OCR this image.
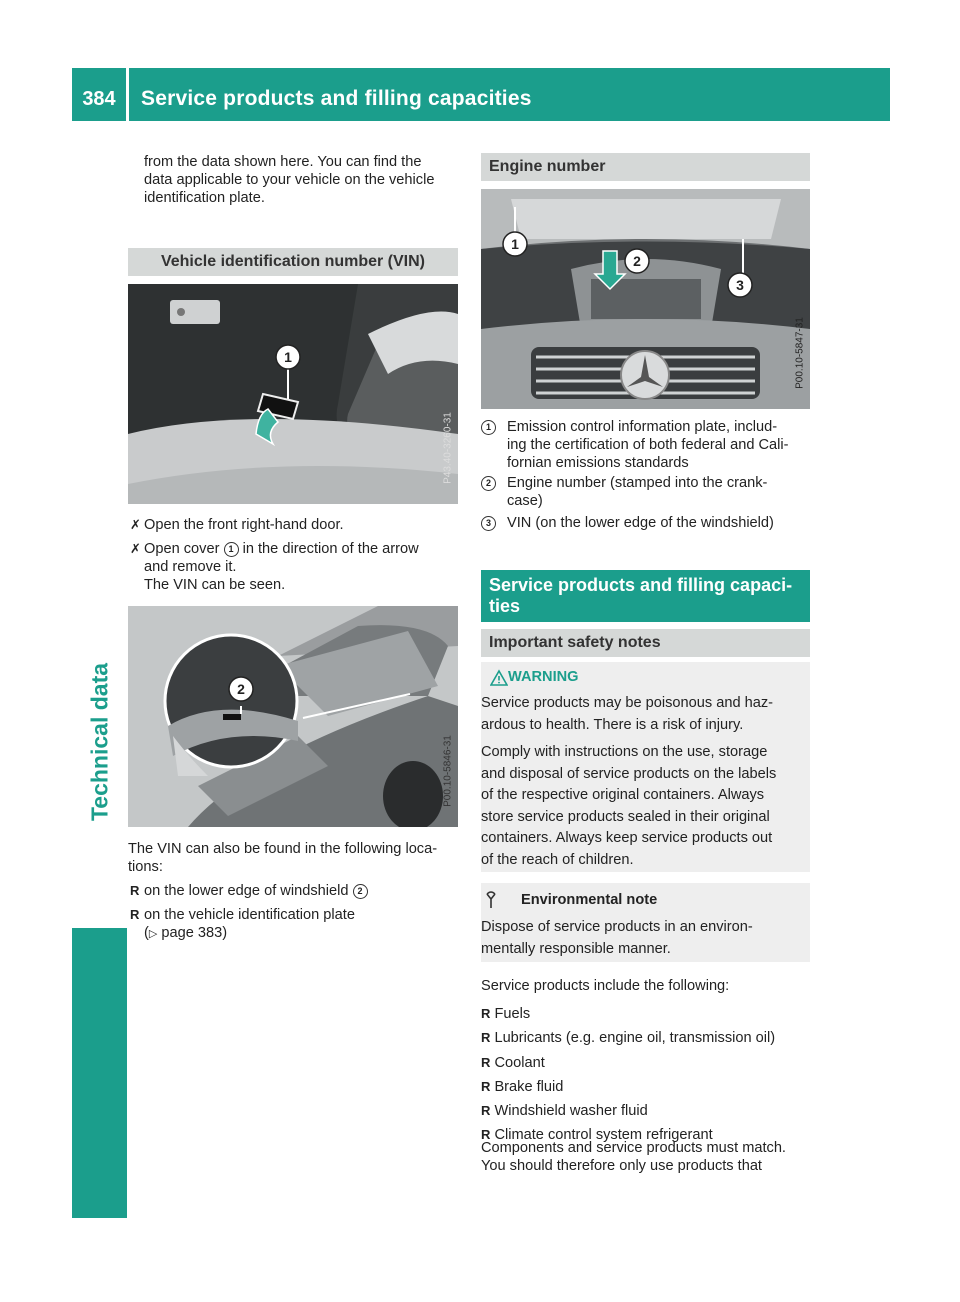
384	Service products and filling capacities
Technical data
from the data shown here. You can find the
data applicable to your vehicle on the vehicle
identification plate.
Vehicle identification number (VIN)
1
P43.40-3260-31
✗ Open the front right-hand door.
✗ Open cover 1 in the direction of the arrow
and remove it.
The VIN can be seen.
2
P00.10-5846-31
The VIN can also be found in the following loca-
tions:
R on the lower edge of windshield 2
R on the vehicle identification plate
(▷ page 383)
Engine number
1
2
3
P00.10-5847-31
1	Emission control information plate, includ-
ing the certification of both federal and Cali-
fornian emissions standards
2	Engine number (stamped into the crank-
case)
3	VIN (on the lower edge of the windshield)
Service products and filling capaci-
ties
Important safety notes
WARNING
Service products may be poisonous and haz-
ardous to health. There is a risk of injury.
Comply with instructions on the use, storage
and disposal of service products on the labels
of the respective original containers. Always
store service products sealed in their original
containers. Always keep service products out
of the reach of children.
Environmental note
Dispose of service products in an environ-
mentally responsible manner.
Service products include the following:
R Fuels
R Lubricants (e.g. engine oil, transmission oil)
R Coolant
R Brake fluid
R Windshield washer fluid
R Climate control system refrigerant
Components and service products must match.
You should therefore only use products that
